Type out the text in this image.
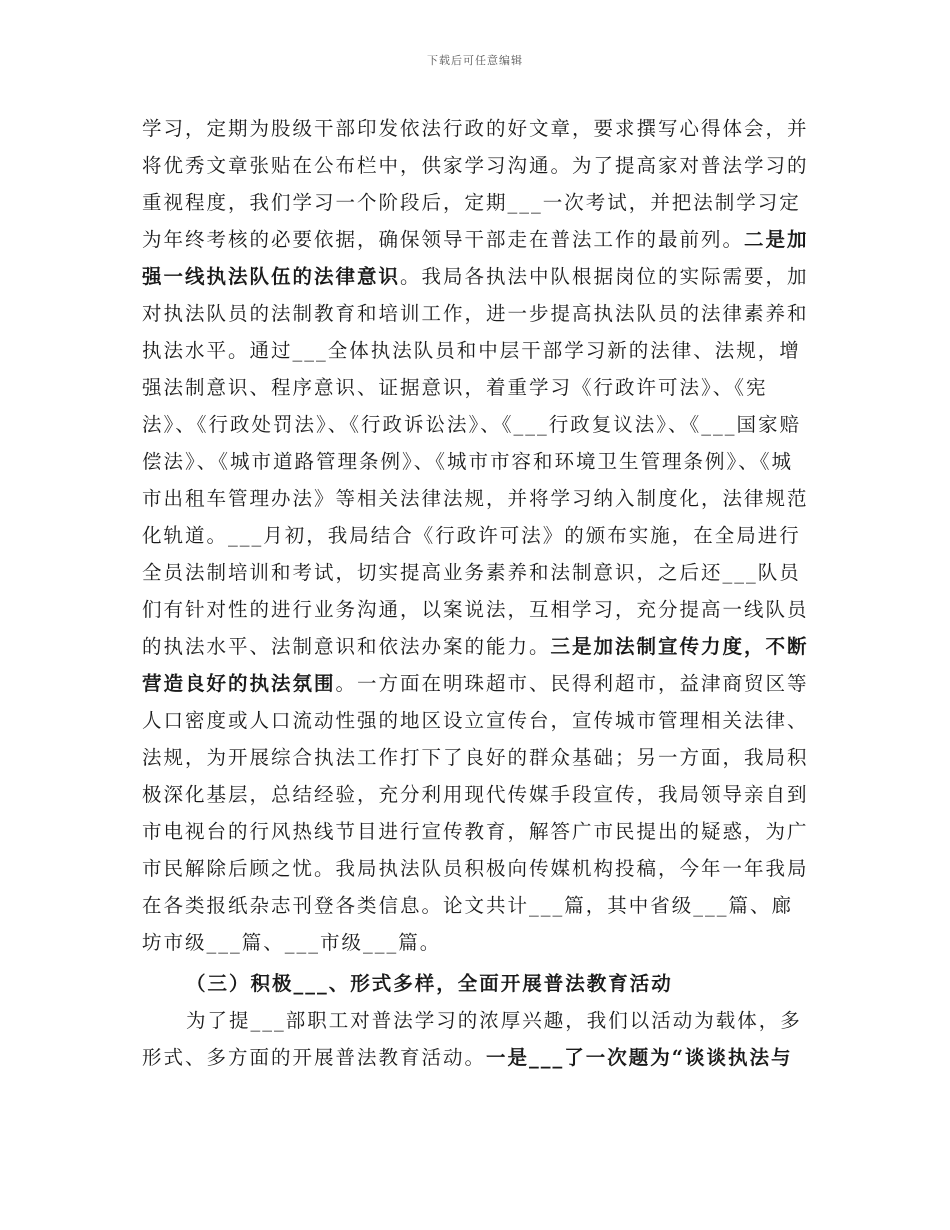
下载后可任意编辑

学习，定期为股级干部印发依法行政的好文章，要求撰写心得体会，并将优秀文章张贴在公布栏中，供家学习沟通。为了提高家对普法学习的重视程度，我们学习一个阶段后，定期___一次考试，并把法制学习定为年终考核的必要依据，确保领导干部走在普法工作的最前列。二是加强一线执法队伍的法律意识。我局各执法中队根据岗位的实际需要，加对执法队员的法制教育和培训工作，进一步提高执法队员的法律素养和执法水平。通过___全体执法队员和中层干部学习新的法律、法规，增强法制意识、程序意识、证据意识，着重学习《行政许可法》、《宪法》、《行政处罚法》、《行政诉讼法》、《___行政复议法》、《___国家赔偿法》、《城市道路管理条例》、《城市市容和环境卫生管理条例》、《城市出租车管理办法》等相关法律法规，并将学习纳入制度化，法律规范化轨道。___月初，我局结合《行政许可法》的颁布实施，在全局进行全员法制培训和考试，切实提高业务素养和法制意识，之后还___队员们有针对性的进行业务沟通，以案说法，互相学习，充分提高一线队员的执法水平、法制意识和依法办案的能力。三是加法制宣传力度，不断营造良好的执法氛围。一方面在明珠超市、民得利超市，益津商贸区等人口密度或人口流动性强的地区设立宣传台，宣传城市管理相关法律、法规，为开展综合执法工作打下了良好的群众基础；另一方面，我局积极深化基层，总结经验，充分利用现代传媒手段宣传，我局领导亲自到市电视台的行风热线节目进行宣传教育，解答广市民提出的疑惑，为广市民解除后顾之忧。我局执法队员积极向传媒机构投稿，今年一年我局在各类报纸杂志刊登各类信息。论文共计___篇，其中省级___篇、廊坊市级___篇、___市级___篇。

（三）积极___、形式多样，全面开展普法教育活动

为了提___部职工对普法学习的浓厚兴趣，我们以活动为载体，多形式、多方面的开展普法教育活动。一是___了一次题为“谈谈执法与
